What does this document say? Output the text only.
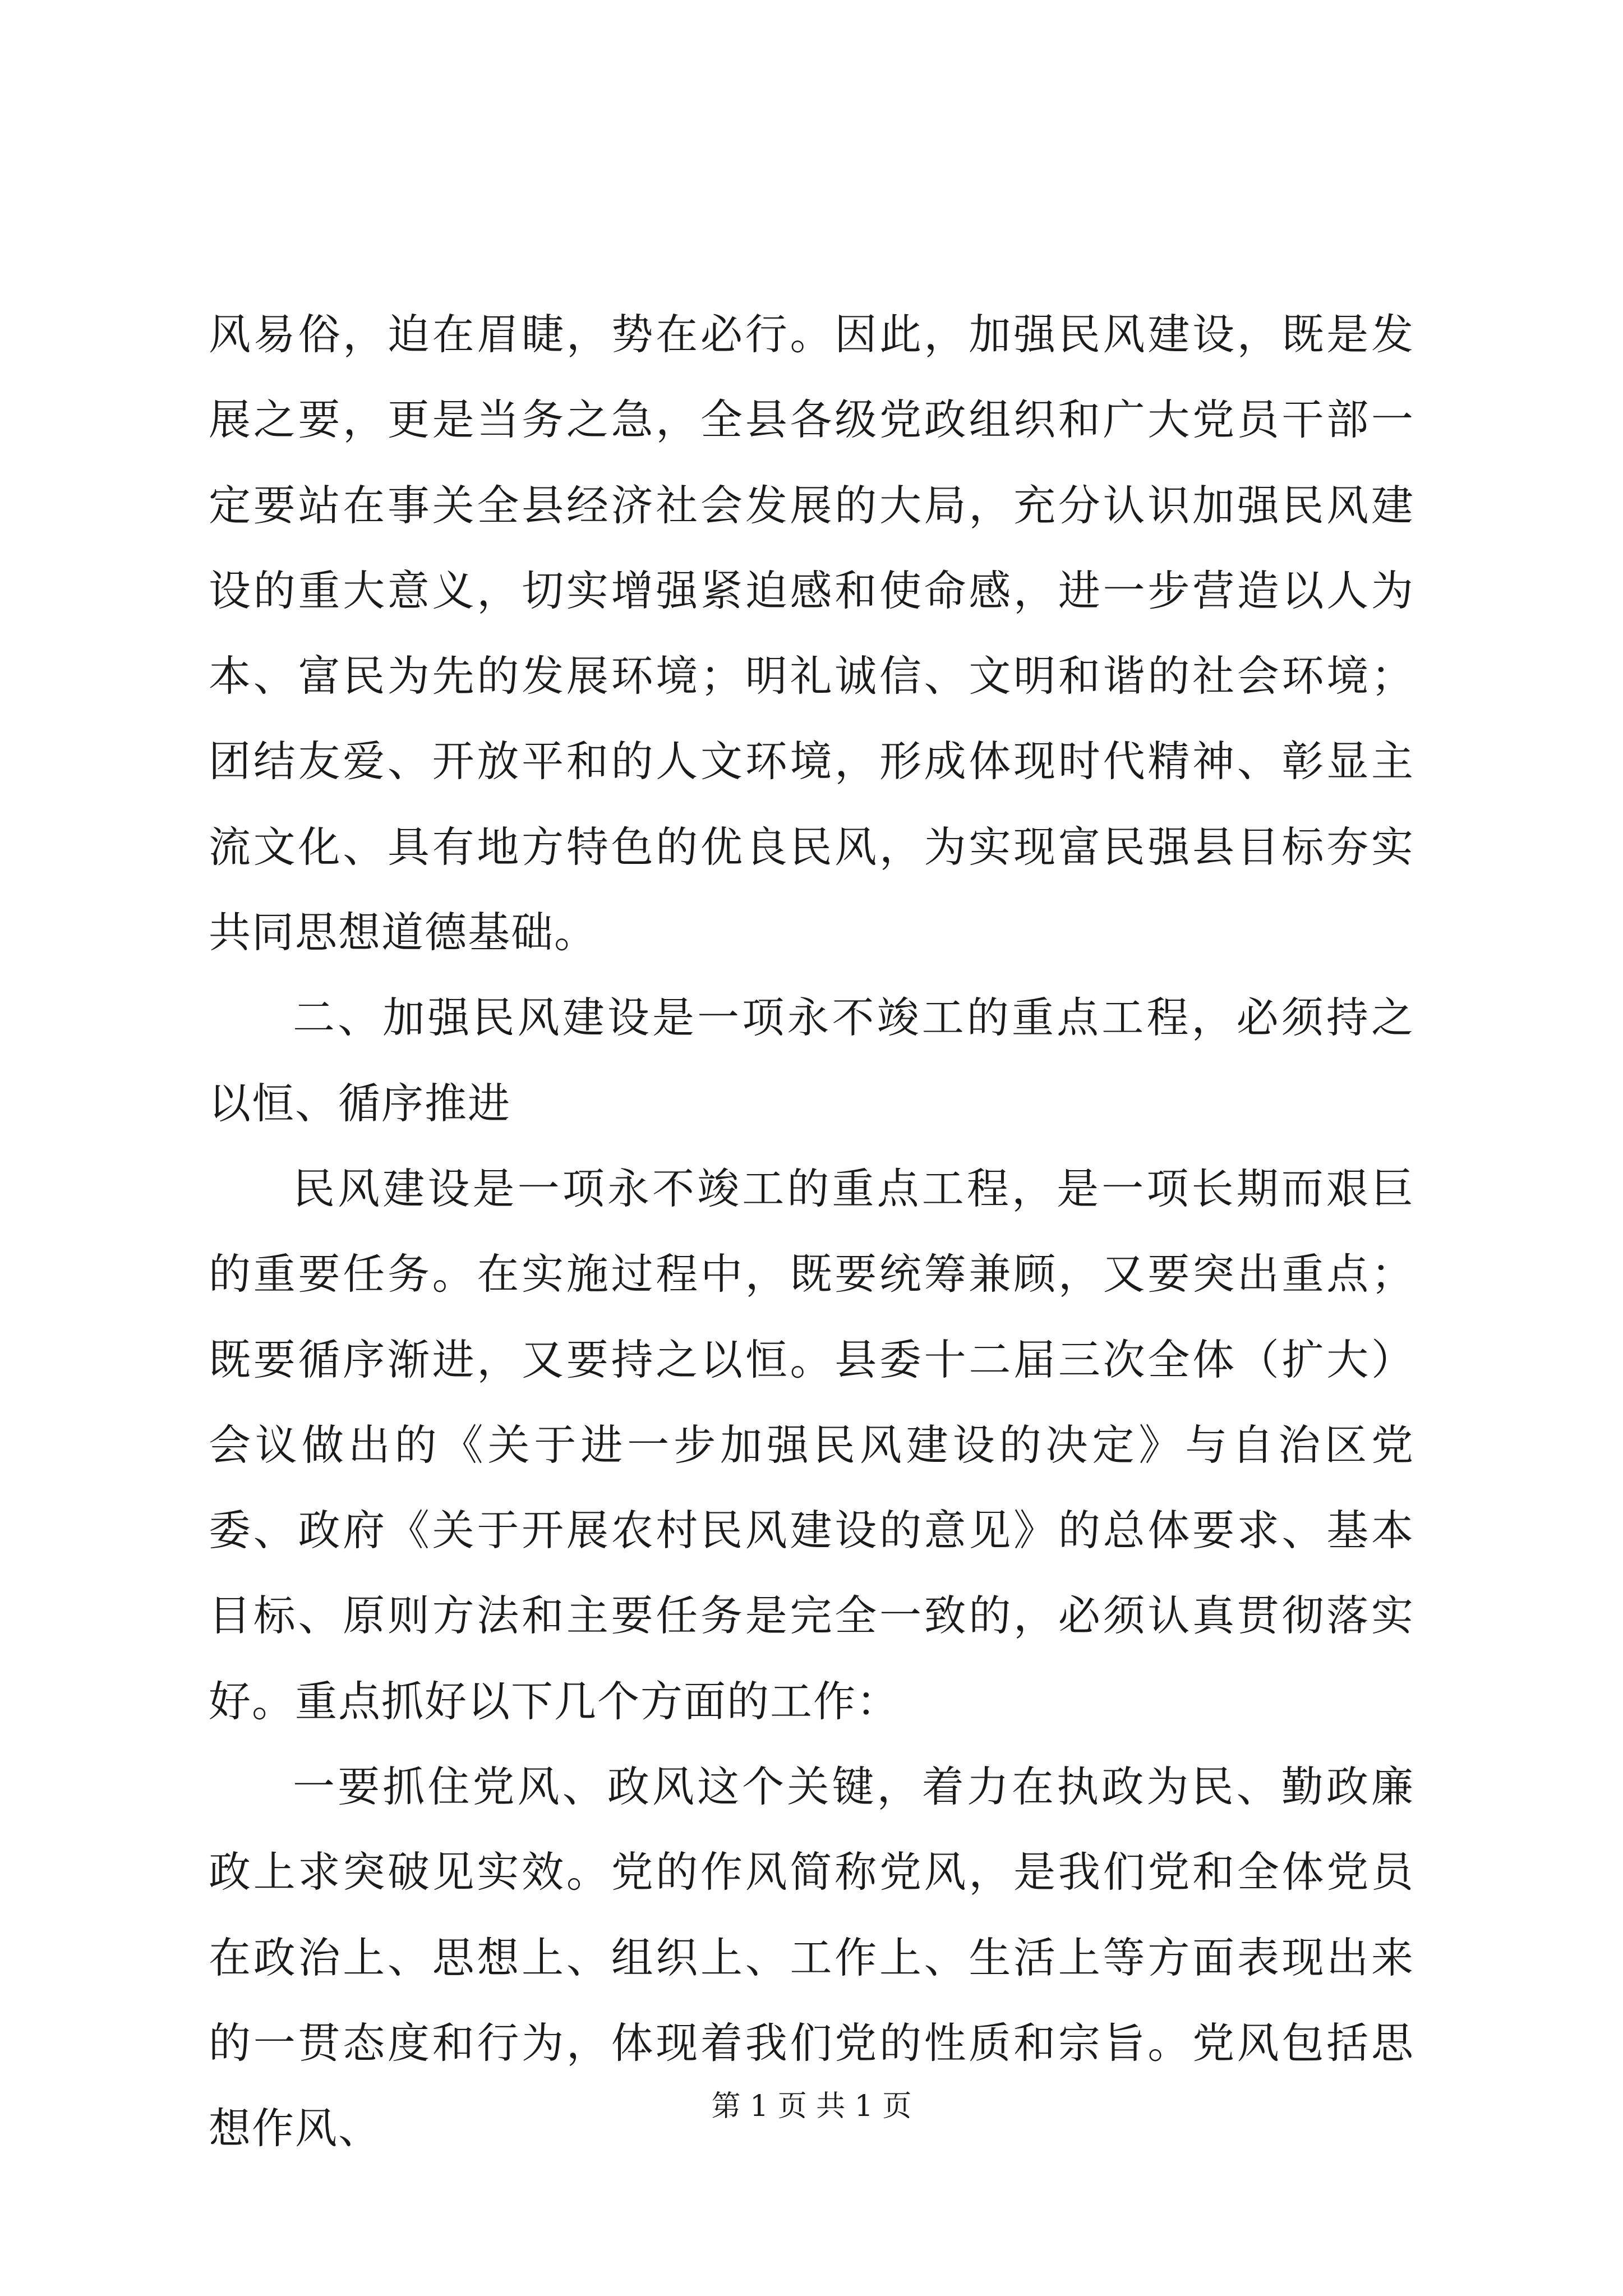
风易俗，迫在眉睫，势在必行。因此，加强民风建设，既是发展之要，更是当务之急，全县各级党政组织和广大党员干部一定要站在事关全县经济社会发展的大局，充分认识加强民风建设的重大意义，切实增强紧迫感和使命感，进一步营造以人为本、富民为先的发展环境；明礼诚信、文明和谐的社会环境；团结友爱、开放平和的人文环境，形成体现时代精神、彰显主流文化、具有地方特色的优良民风，为实现富民强县目标夯实共同思想道德基础。

二、加强民风建设是一项永不竣工的重点工程，必须持之以恒、循序推进

民风建设是一项永不竣工的重点工程，是一项长期而艰巨的重要任务。在实施过程中，既要统筹兼顾，又要突出重点；既要循序渐进，又要持之以恒。县委十二届三次全体（扩大）会议做出的《关于进一步加强民风建设的决定》与自治区党委、政府《关于开展农村民风建设的意见》的总体要求、基本目标、原则方法和主要任务是完全一致的，必须认真贯彻落实好。重点抓好以下几个方面的工作：

一要抓住党风、政风这个关键，着力在执政为民、勤政廉政上求突破见实效。党的作风简称党风，是我们党和全体党员在政治上、思想上、组织上、工作上、生活上等方面表现出来的一贯态度和行为，体现着我们党的性质和宗旨。党风包括思想作风、	第 1 页 共 1 页
